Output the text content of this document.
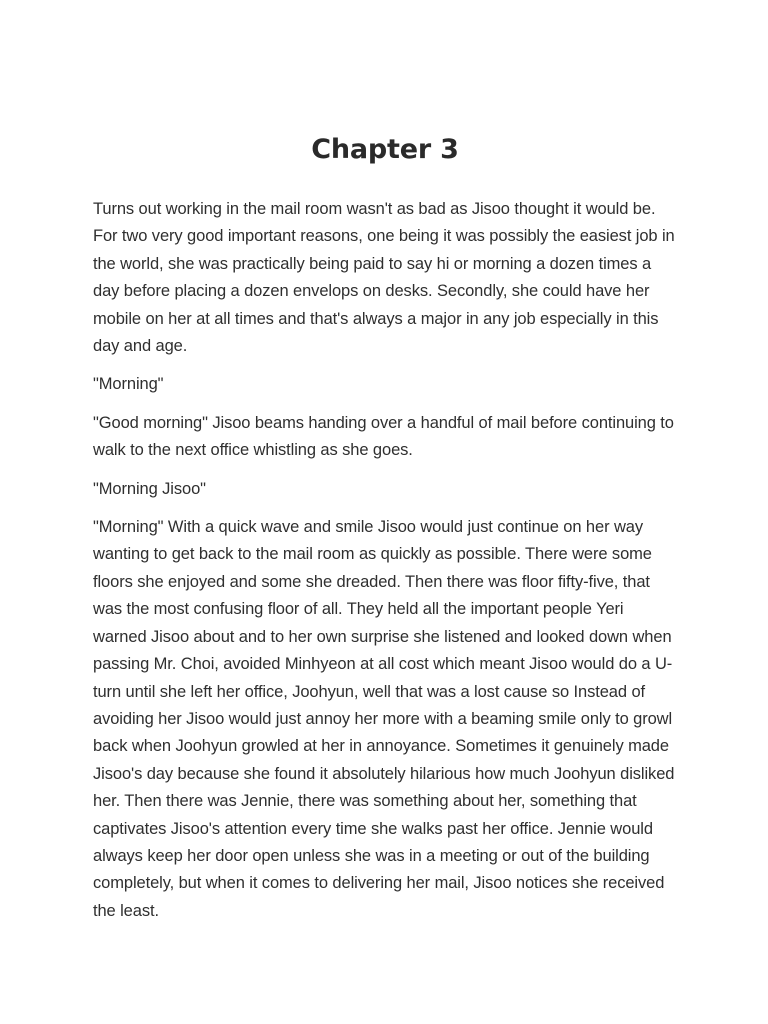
Chapter 3

Turns out working in the mail room wasn't as bad as Jisoo thought it would be. For two very good important reasons, one being it was possibly the easiest job in the world, she was practically being paid to say hi or morning a dozen times a day before placing a dozen envelops on desks. Secondly, she could have her mobile on her at all times and that's always a major in any job especially in this day and age.

"Morning"

"Good morning" Jisoo beams handing over a handful of mail before continuing to walk to the next office whistling as she goes.

"Morning Jisoo"

"Morning" With a quick wave and smile Jisoo would just continue on her way wanting to get back to the mail room as quickly as possible. There were some floors she enjoyed and some she dreaded. Then there was floor fifty-five, that was the most confusing floor of all. They held all the important people Yeri warned Jisoo about and to her own surprise she listened and looked down when passing Mr. Choi, avoided Minhyeon at all cost which meant Jisoo would do a U-turn until she left her office, Joohyun, well that was a lost cause so Instead of avoiding her Jisoo would just annoy her more with a beaming smile only to growl back when Joohyun growled at her in annoyance. Sometimes it genuinely made Jisoo's day because she found it absolutely hilarious how much Joohyun disliked her. Then there was Jennie, there was something about her, something that captivates Jisoo's attention every time she walks past her office. Jennie would always keep her door open unless she was in a meeting or out of the building completely, but when it comes to delivering her mail, Jisoo notices she received the least.
